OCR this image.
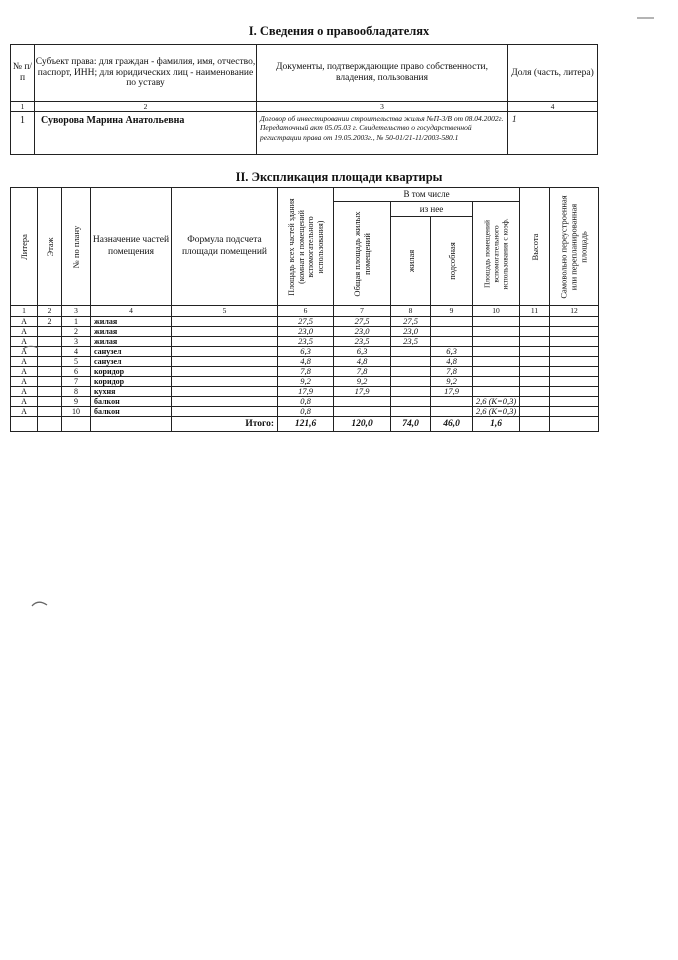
I. Сведения о правообладателях
№ п/п	Субъект права: для граждан - фамилия, имя, отчество, паспорт, ИНН; для юридических лиц - наименование по уставу	Документы, подтверждающие право собственности, владения, пользования	Доля (часть, литера)
1	2	3	4
1	Суворова Марина Анатольевна	Договор об инвестировании строительства жилья №П-3/В от 08.04.2002г. Передаточный акт 05.05.03 г. Свидетельство о государственной регистрации права от 19.05.2003г., № 50-01/21-11/2003-580.1	1
II. Экспликация площади квартиры
Литера	Этаж	№ по плану	Назначение частей помещения	Формула подсчета площади помещений	Площадь всех частей здания (комнат и помещений вспомогательного использования)	В том числе				Высота	Самовольно переустроенная или перепланированная площадь

						Общая площадь жилых помещений	из нее		Площадь помещений вспомогательного использования с коэф.		

							жилая	подсобная			

1	2	3	4	5	6	7	8	9	10	11	12
А	2	1	жилая		27,5	27,5	27,5				
А		2	жилая		23,0	23,0	23,0				
А		3	жилая		23,5	23,5	23,5				
А		4	санузел		6,3	6,3		6,3			
А		5	санузел		4,8	4,8		4,8			
А		6	коридор		7,8	7,8		7,8			
А		7	коридор		9,2	9,2		9,2			
А		8	кухня		17,9	17,9		17,9			
А		9	балкон		0,8				2,6 (К=0,3)		
А		10	балкон		0,8				2,6 (К=0,3)		
				Итого:	121,6	120,0	74,0	46,0	1,6		
